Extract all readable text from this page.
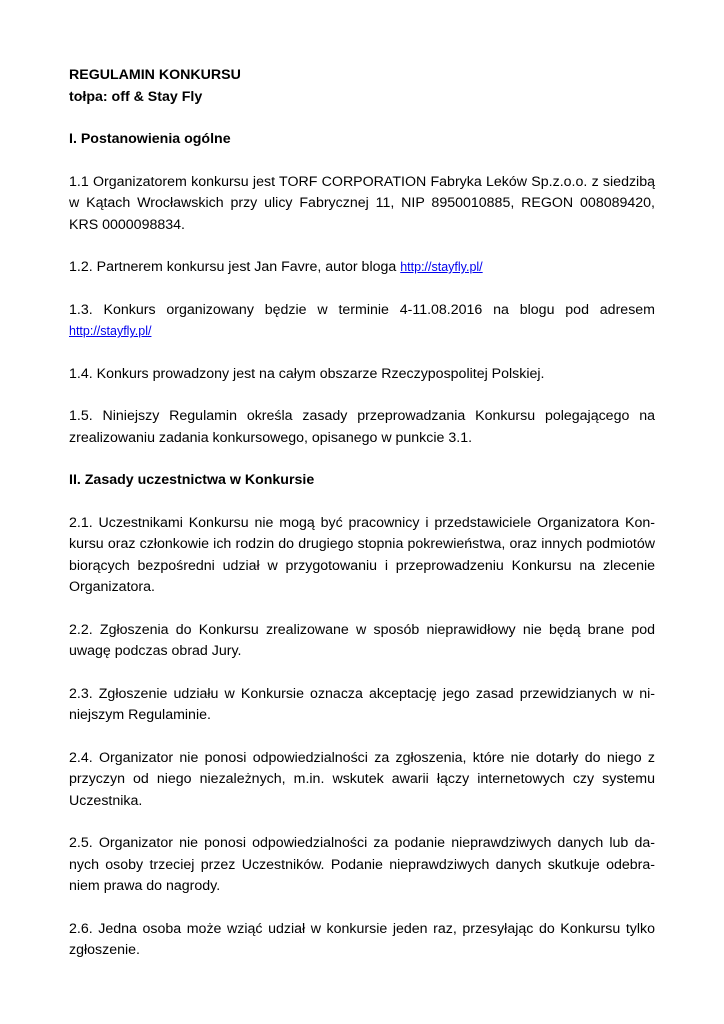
REGULAMIN KONKURSU

tołpa: off & Stay Fly

I. Postanowienia ogólne

1.1 Organizatorem konkursu jest TORF CORPORATION Fabryka Leków Sp.z.o.o. z siedzibą w Kątach Wrocławskich przy ulicy Fabrycznej 11, NIP 8950010885, REGON 008089420, KRS 0000098834.

1.2. Partnerem konkursu jest Jan Favre, autor bloga http://stayfly.pl/

1.3. Konkurs organizowany będzie w terminie 4-11.08.2016 na blogu pod adresem http://stayfly.pl/

1.4. Konkurs prowadzony jest na całym obszarze Rzeczypospolitej Polskiej.

1.5. Niniejszy Regulamin określa zasady przeprowadzania Konkursu polegającego na zrealizowaniu zadania konkursowego, opisanego w punkcie 3.1.

II. Zasady uczestnictwa w Konkursie

2.1. Uczestnikami Konkursu nie mogą być pracownicy i przedstawiciele Organizatora Konkursu oraz członkowie ich rodzin do drugiego stopnia pokrewieństwa, oraz innych podmiotów biorących bezpośredni udział w przygotowaniu i przeprowadzeniu Konkursu na zlecenie Organizatora.

2.2. Zgłoszenia do Konkursu zrealizowane w sposób nieprawidłowy nie będą brane pod uwagę podczas obrad Jury.

2.3. Zgłoszenie udziału w Konkursie oznacza akceptację jego zasad przewidzianych w niniejszym Regulaminie.

2.4. Organizator nie ponosi odpowiedzialności za zgłoszenia, które nie dotarły do niego z przyczyn od niego niezależnych, m.in. wskutek awarii łączy internetowych czy systemu Uczestnika.

2.5. Organizator nie ponosi odpowiedzialności za podanie nieprawdziwych danych lub danych osoby trzeciej przez Uczestników. Podanie nieprawdziwych danych skutkuje odebraniem prawa do nagrody.

2.6. Jedna osoba może wziąć udział w konkursie jeden raz, przesyłając do Konkursu tylko zgłoszenie.
